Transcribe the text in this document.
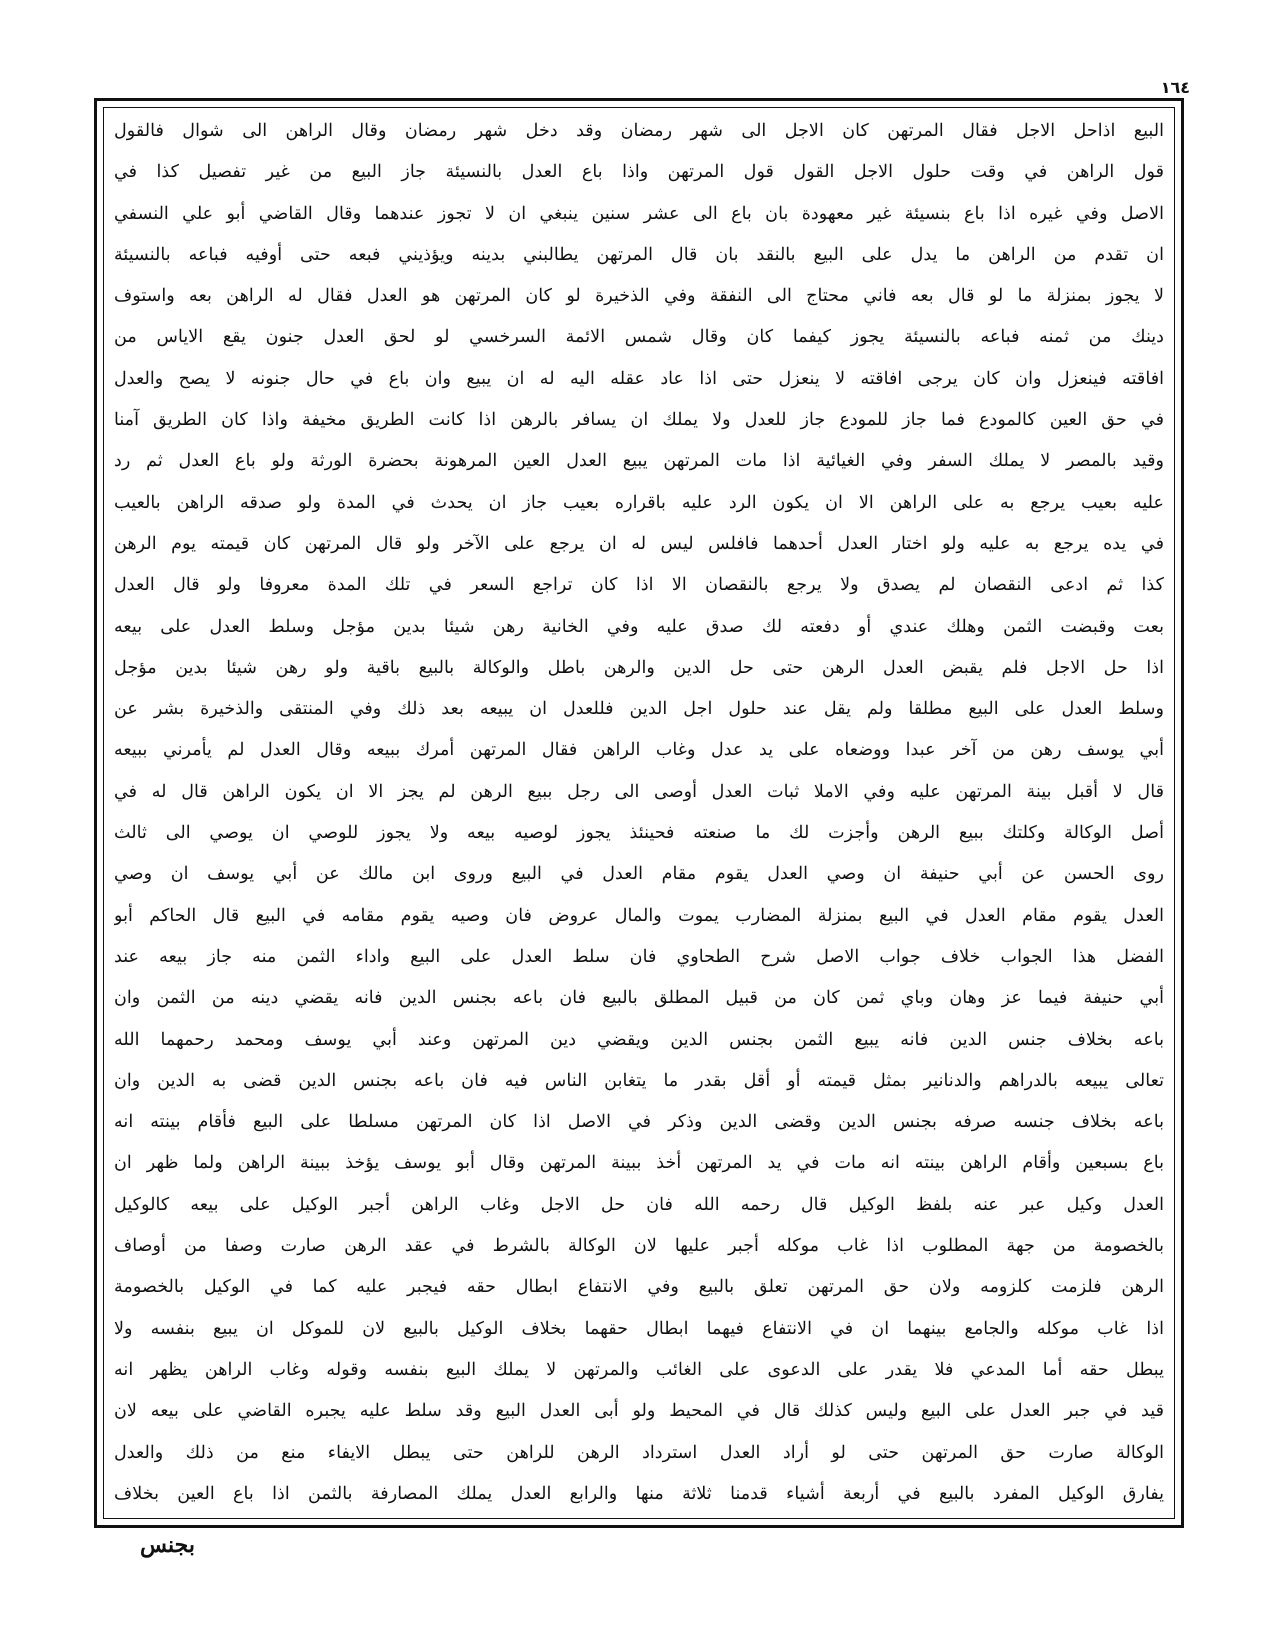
١٦٤
البيع اذاحل الاجل فقال المرتهن كان الاجل الى شهر رمضان وقد دخل شهر رمضان وقال الراهن الى شوال فالقول
قول الراهن في وقت حلول الاجل القول قول المرتهن واذا باع العدل بالنسيئة جاز البيع من غير تفصيل كذا في
الاصل وفي غيره اذا باع بنسيئة غير معهودة بان باع الى عشر سنين ينبغي ان لا تجوز عندهما وقال القاضي أبو علي النسفي
ان تقدم من الراهن ما يدل على البيع بالنقد بان قال المرتهن يطالبني بدينه ويؤذيني فبعه حتى أوفيه فباعه بالنسيئة
لا يجوز بمنزلة ما لو قال بعه فاني محتاج الى النفقة وفي الذخيرة لو كان المرتهن هو العدل فقال له الراهن بعه واستوف
دينك من ثمنه فباعه بالنسيئة يجوز كيفما كان وقال شمس الائمة السرخسي لو لحق العدل جنون يقع الاياس من
افاقته فينعزل وان كان يرجى افاقته لا ينعزل حتى اذا عاد عقله اليه له ان يبيع وان باع في حال جنونه لا يصح والعدل
في حق العين كالمودع فما جاز للمودع جاز للعدل ولا يملك ان يسافر بالرهن اذا كانت الطريق مخيفة واذا كان الطريق آمنا
وقيد بالمصر لا يملك السفر وفي الغيائية اذا مات المرتهن يبيع العدل العين المرهونة بحضرة الورثة ولو باع العدل ثم رد
عليه بعيب يرجع به على الراهن الا ان يكون الرد عليه باقراره بعيب جاز ان يحدث في المدة ولو صدقه الراهن بالعيب
في يده يرجع به عليه ولو اختار العدل أحدهما فافلس ليس له ان يرجع على الآخر ولو قال المرتهن كان قيمته يوم الرهن
كذا ثم ادعى النقصان لم يصدق ولا يرجع بالنقصان الا اذا كان تراجع السعر في تلك المدة معروفا ولو قال العدل
بعت وقبضت الثمن وهلك عندي أو دفعته لك صدق عليه وفي الخانية رهن شيئا بدين مؤجل وسلط العدل على بيعه
اذا حل الاجل فلم يقبض العدل الرهن حتى حل الدين والرهن باطل والوكالة بالبيع باقية ولو رهن شيئا بدين مؤجل
وسلط العدل على البيع مطلقا ولم يقل عند حلول اجل الدين فللعدل ان يبيعه بعد ذلك وفي المنتقى والذخيرة بشر عن
أبي يوسف رهن من آخر عبدا ووضعاه على يد عدل وغاب الراهن فقال المرتهن أمرك ببيعه وقال العدل لم يأمرني ببيعه
قال لا أقبل بينة المرتهن عليه وفي الاملا ثبات العدل أوصى الى رجل ببيع الرهن لم يجز الا ان يكون الراهن قال له في
أصل الوكالة وكلتك ببيع الرهن وأجزت لك ما صنعته فحينئذ يجوز لوصيه بيعه ولا يجوز للوصي ان يوصي الى ثالث
روى الحسن عن أبي حنيفة ان وصي العدل يقوم مقام العدل في البيع وروى ابن مالك عن أبي يوسف ان وصي
العدل يقوم مقام العدل في البيع بمنزلة المضارب يموت والمال عروض فان وصيه يقوم مقامه في البيع قال الحاكم أبو
الفضل هذا الجواب خلاف جواب الاصل شرح الطحاوي فان سلط العدل على البيع واداء الثمن منه جاز بيعه عند
أبي حنيفة فيما عز وهان وباي ثمن كان من قبيل المطلق بالبيع فان باعه بجنس الدين فانه يقضي دينه من الثمن وان
باعه بخلاف جنس الدين فانه يبيع الثمن بجنس الدين ويقضي دين المرتهن وعند أبي يوسف ومحمد رحمهما الله
تعالى يبيعه بالدراهم والدنانير بمثل قيمته أو أقل بقدر ما يتغابن الناس فيه فان باعه بجنس الدين قضى به الدين وان
باعه بخلاف جنسه صرفه بجنس الدين وقضى الدين وذكر في الاصل اذا كان المرتهن مسلطا على البيع فأقام بينته انه
باع بسبعين وأقام الراهن بينته انه مات في يد المرتهن أخذ ببينة المرتهن وقال أبو يوسف يؤخذ ببينة الراهن ولما ظهر ان
العدل وكيل عبر عنه بلفظ الوكيل قال رحمه الله فان حل الاجل وغاب الراهن أجبر الوكيل على بيعه كالوكيل
بالخصومة من جهة المطلوب اذا غاب موكله أجبر عليها لان الوكالة بالشرط في عقد الرهن صارت وصفا من أوصاف
الرهن فلزمت كلزومه ولان حق المرتهن تعلق بالبيع وفي الانتفاع ابطال حقه فيجبر عليه كما في الوكيل بالخصومة
اذا غاب موكله والجامع بينهما ان في الانتفاع فيهما ابطال حقهما بخلاف الوكيل بالبيع لان للموكل ان يبيع بنفسه ولا
يبطل حقه أما المدعي فلا يقدر على الدعوى على الغائب والمرتهن لا يملك البيع بنفسه وقوله وغاب الراهن يظهر انه
قيد في جبر العدل على البيع وليس كذلك قال في المحيط ولو أبى العدل البيع وقد سلط عليه يجبره القاضي على بيعه لان
الوكالة صارت حق المرتهن حتى لو أراد العدل استرداد الرهن للراهن حتى يبطل الايفاء منع من ذلك والعدل
يفارق الوكيل المفرد بالبيع في أربعة أشياء قدمنا ثلاثة منها والرابع العدل يملك المصارفة بالثمن اذا باع العين بخلاف
بجنس
